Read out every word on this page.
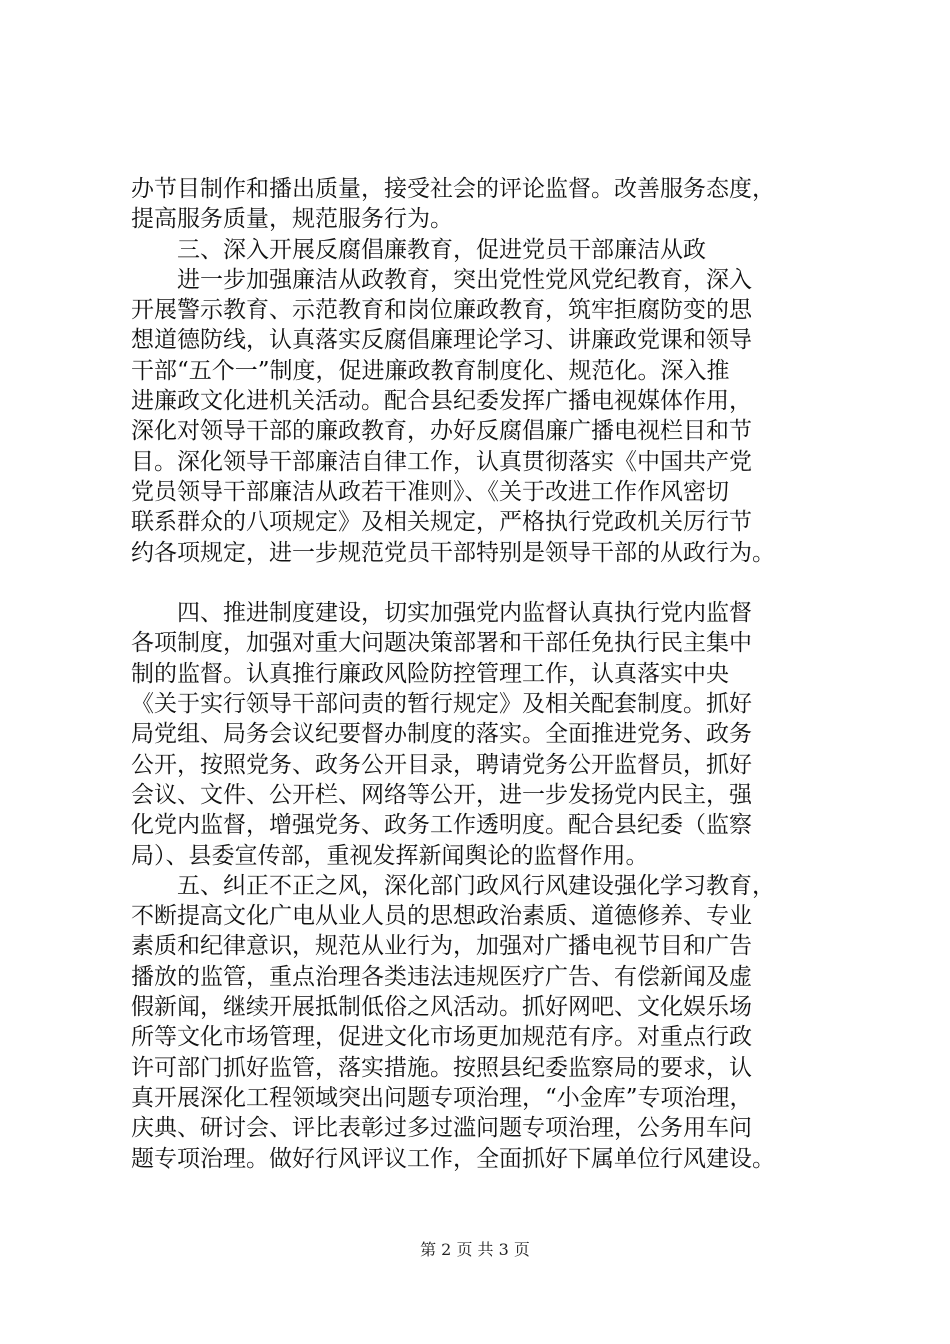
办节目制作和播出质量，接受社会的评论监督。改善服务态度，
提高服务质量，规范服务行为。
　　三、深入开展反腐倡廉教育，促进党员干部廉洁从政
　　进一步加强廉洁从政教育，突出党性党风党纪教育，深入
开展警示教育、示范教育和岗位廉政教育，筑牢拒腐防变的思
想道德防线，认真落实反腐倡廉理论学习、讲廉政党课和领导
干部“五个一”制度，促进廉政教育制度化、规范化。深入推
进廉政文化进机关活动。配合县纪委发挥广播电视媒体作用，
深化对领导干部的廉政教育，办好反腐倡廉广播电视栏目和节
目。深化领导干部廉洁自律工作，认真贯彻落实《中国共产党
党员领导干部廉洁从政若干准则》、《关于改进工作作风密切
联系群众的八项规定》及相关规定，严格执行党政机关厉行节
约各项规定，进一步规范党员干部特别是领导干部的从政行为。
　　四、推进制度建设，切实加强党内监督认真执行党内监督
各项制度，加强对重大问题决策部署和干部任免执行民主集中
制的监督。认真推行廉政风险防控管理工作，认真落实中央
《关于实行领导干部问责的暂行规定》及相关配套制度。抓好
局党组、局务会议纪要督办制度的落实。全面推进党务、政务
公开，按照党务、政务公开目录，聘请党务公开监督员，抓好
会议、文件、公开栏、网络等公开，进一步发扬党内民主，强
化党内监督，增强党务、政务工作透明度。配合县纪委（监察
局）、县委宣传部，重视发挥新闻舆论的监督作用。
　　五、纠正不正之风，深化部门政风行风建设强化学习教育，
不断提高文化广电从业人员的思想政治素质、道德修养、专业
素质和纪律意识，规范从业行为，加强对广播电视节目和广告
播放的监管，重点治理各类违法违规医疗广告、有偿新闻及虚
假新闻，继续开展抵制低俗之风活动。抓好网吧、文化娱乐场
所等文化市场管理，促进文化市场更加规范有序。对重点行政
许可部门抓好监管，落实措施。按照县纪委监察局的要求，认
真开展深化工程领域突出问题专项治理，“小金库”专项治理，
庆典、研讨会、评比表彰过多过滥问题专项治理，公务用车问
题专项治理。做好行风评议工作，全面抓好下属单位行风建设。
第 2 页 共 3 页
